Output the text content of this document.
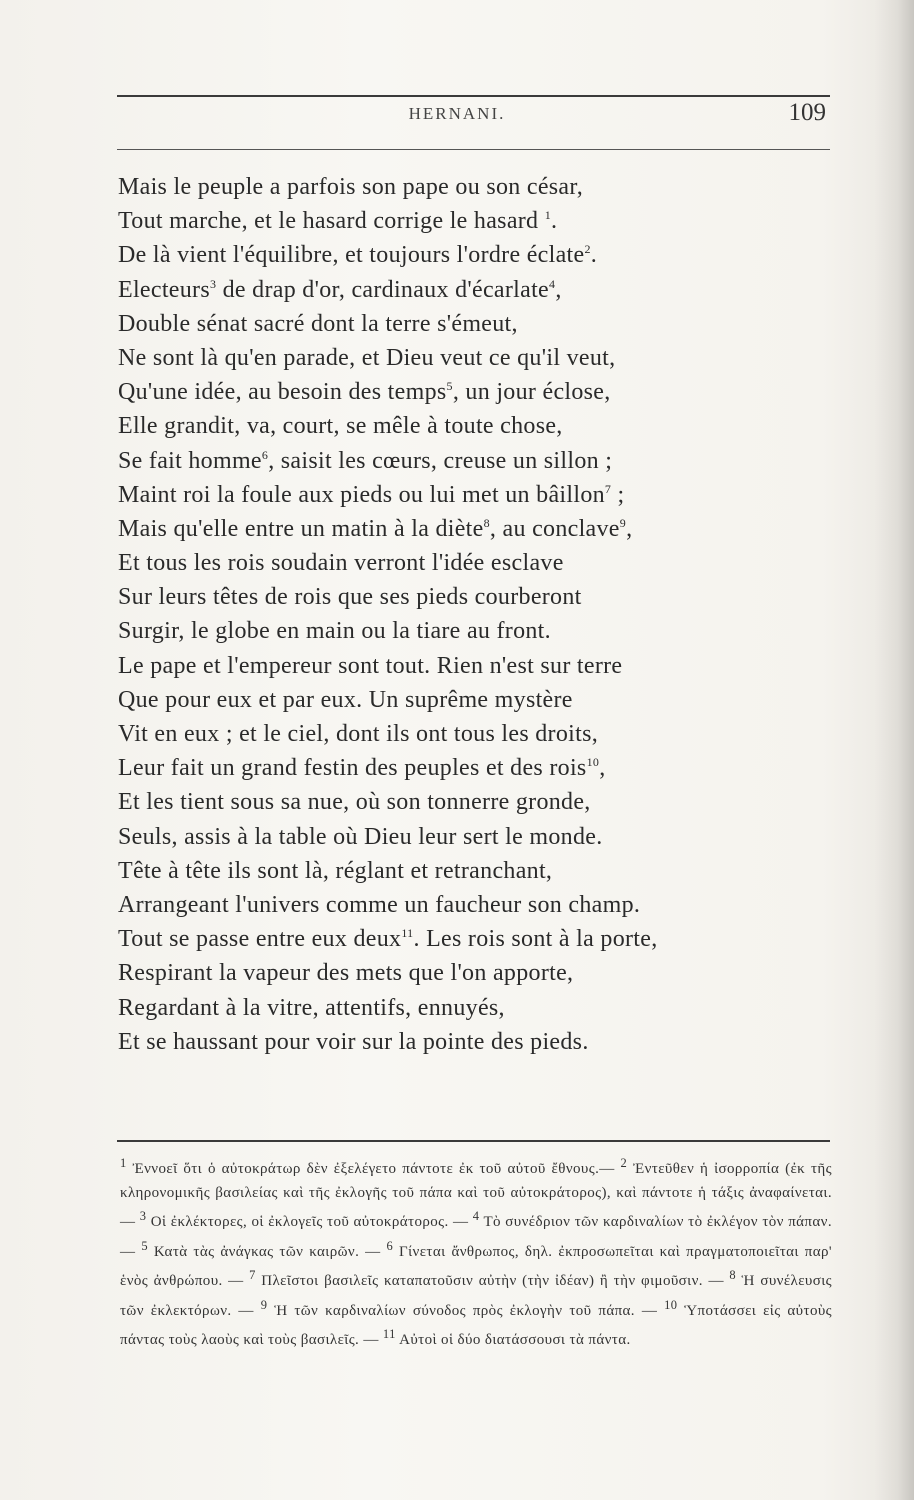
HERNANI.	109
Mais le peuple a parfois son pape ou son césar,
Tout marche, et le hasard corrige le hasard $^1$.
De là vient l'équilibre, et toujours l'ordre éclate$^2$.
Electeurs$^3$ de drap d'or, cardinaux d'écarlate$^4$,
Double sénat sacré dont la terre s'émeut,
Ne sont là qu'en parade, et Dieu veut ce qu'il veut,
Qu'une idée, au besoin des temps$^5$, un jour éclose,
Elle grandit, va, court, se mêle à toute chose,
Se fait homme$^6$, saisit les cœurs, creuse un sillon ;
Maint roi la foule aux pieds ou lui met un bâillon$^7$ ;
Mais qu'elle entre un matin à la diète$^8$, au conclave$^9$,
Et tous les rois soudain verront l'idée esclave
Sur leurs têtes de rois que ses pieds courberont
Surgir, le globe en main ou la tiare au front.
Le pape et l'empereur sont tout. Rien n'est sur terre
Que pour eux et par eux. Un suprême mystère
Vit en eux ; et le ciel, dont ils ont tous les droits,
Leur fait un grand festin des peuples et des rois$^{10}$,
Et les tient sous sa nue, où son tonnerre gronde,
Seuls, assis à la table où Dieu leur sert le monde.
Tête à tête ils sont là, réglant et retranchant,
Arrangeant l'univers comme un faucheur son champ.
Tout se passe entre eux deux$^{11}$. Les rois sont à la porte,
Respirant la vapeur des mets que l'on apporte,
Regardant à la vitre, attentifs, ennuyés,
Et se haussant pour voir sur la pointe des pieds.
$^1$ Ἐννοεῖ ὅτι ὁ αὐτοκράτωρ δὲν ἐξελέγετο πάντοτε ἐκ τοῦ αὐτοῦ ἔθνους.— $^2$ Ἐντεῦθεν ἡ ἰσορροπία (ἐκ τῆς κληρονομικῆς βασιλείας καὶ τῆς ἐκλογῆς τοῦ πάπα καὶ τοῦ αὐτοκράτορος), καὶ πάντοτε ἡ τάξις ἀναφαίνεται. — $^3$ Οἱ ἐκλέκτορες, οἱ ἐκλογεῖς τοῦ αὐτοκράτορος. — $^4$ Τὸ συνέδριον τῶν καρδιναλίων τὸ ἐκλέγον τὸν πάπαν. — $^5$ Κατὰ τὰς ἀνάγκας τῶν καιρῶν. — $^6$ Γίνεται ἄνθρωπος, δηλ. ἐκπροσωπεῖται καὶ πραγματοποιεῖται παρ' ἑνὸς ἀνθρώπου. — $^7$ Πλεῖστοι βασιλεῖς καταπατοῦσιν αὐτὴν (τὴν ἰδέαν) ἢ τὴν φιμοῦσιν. — $^8$ Ἡ συνέλευσις τῶν ἐκλεκτόρων. — $^9$ Ἡ τῶν καρδιναλίων σύνοδος πρὸς ἐκλογὴν τοῦ πάπα. — $^{10}$ Ὑποτάσσει εἰς αὐτοὺς πάντας τοὺς λαοὺς καὶ τοὺς βασιλεῖς. — $^{11}$ Αὐτοὶ οἱ δύο διατάσσουσι τὰ πάντα.
